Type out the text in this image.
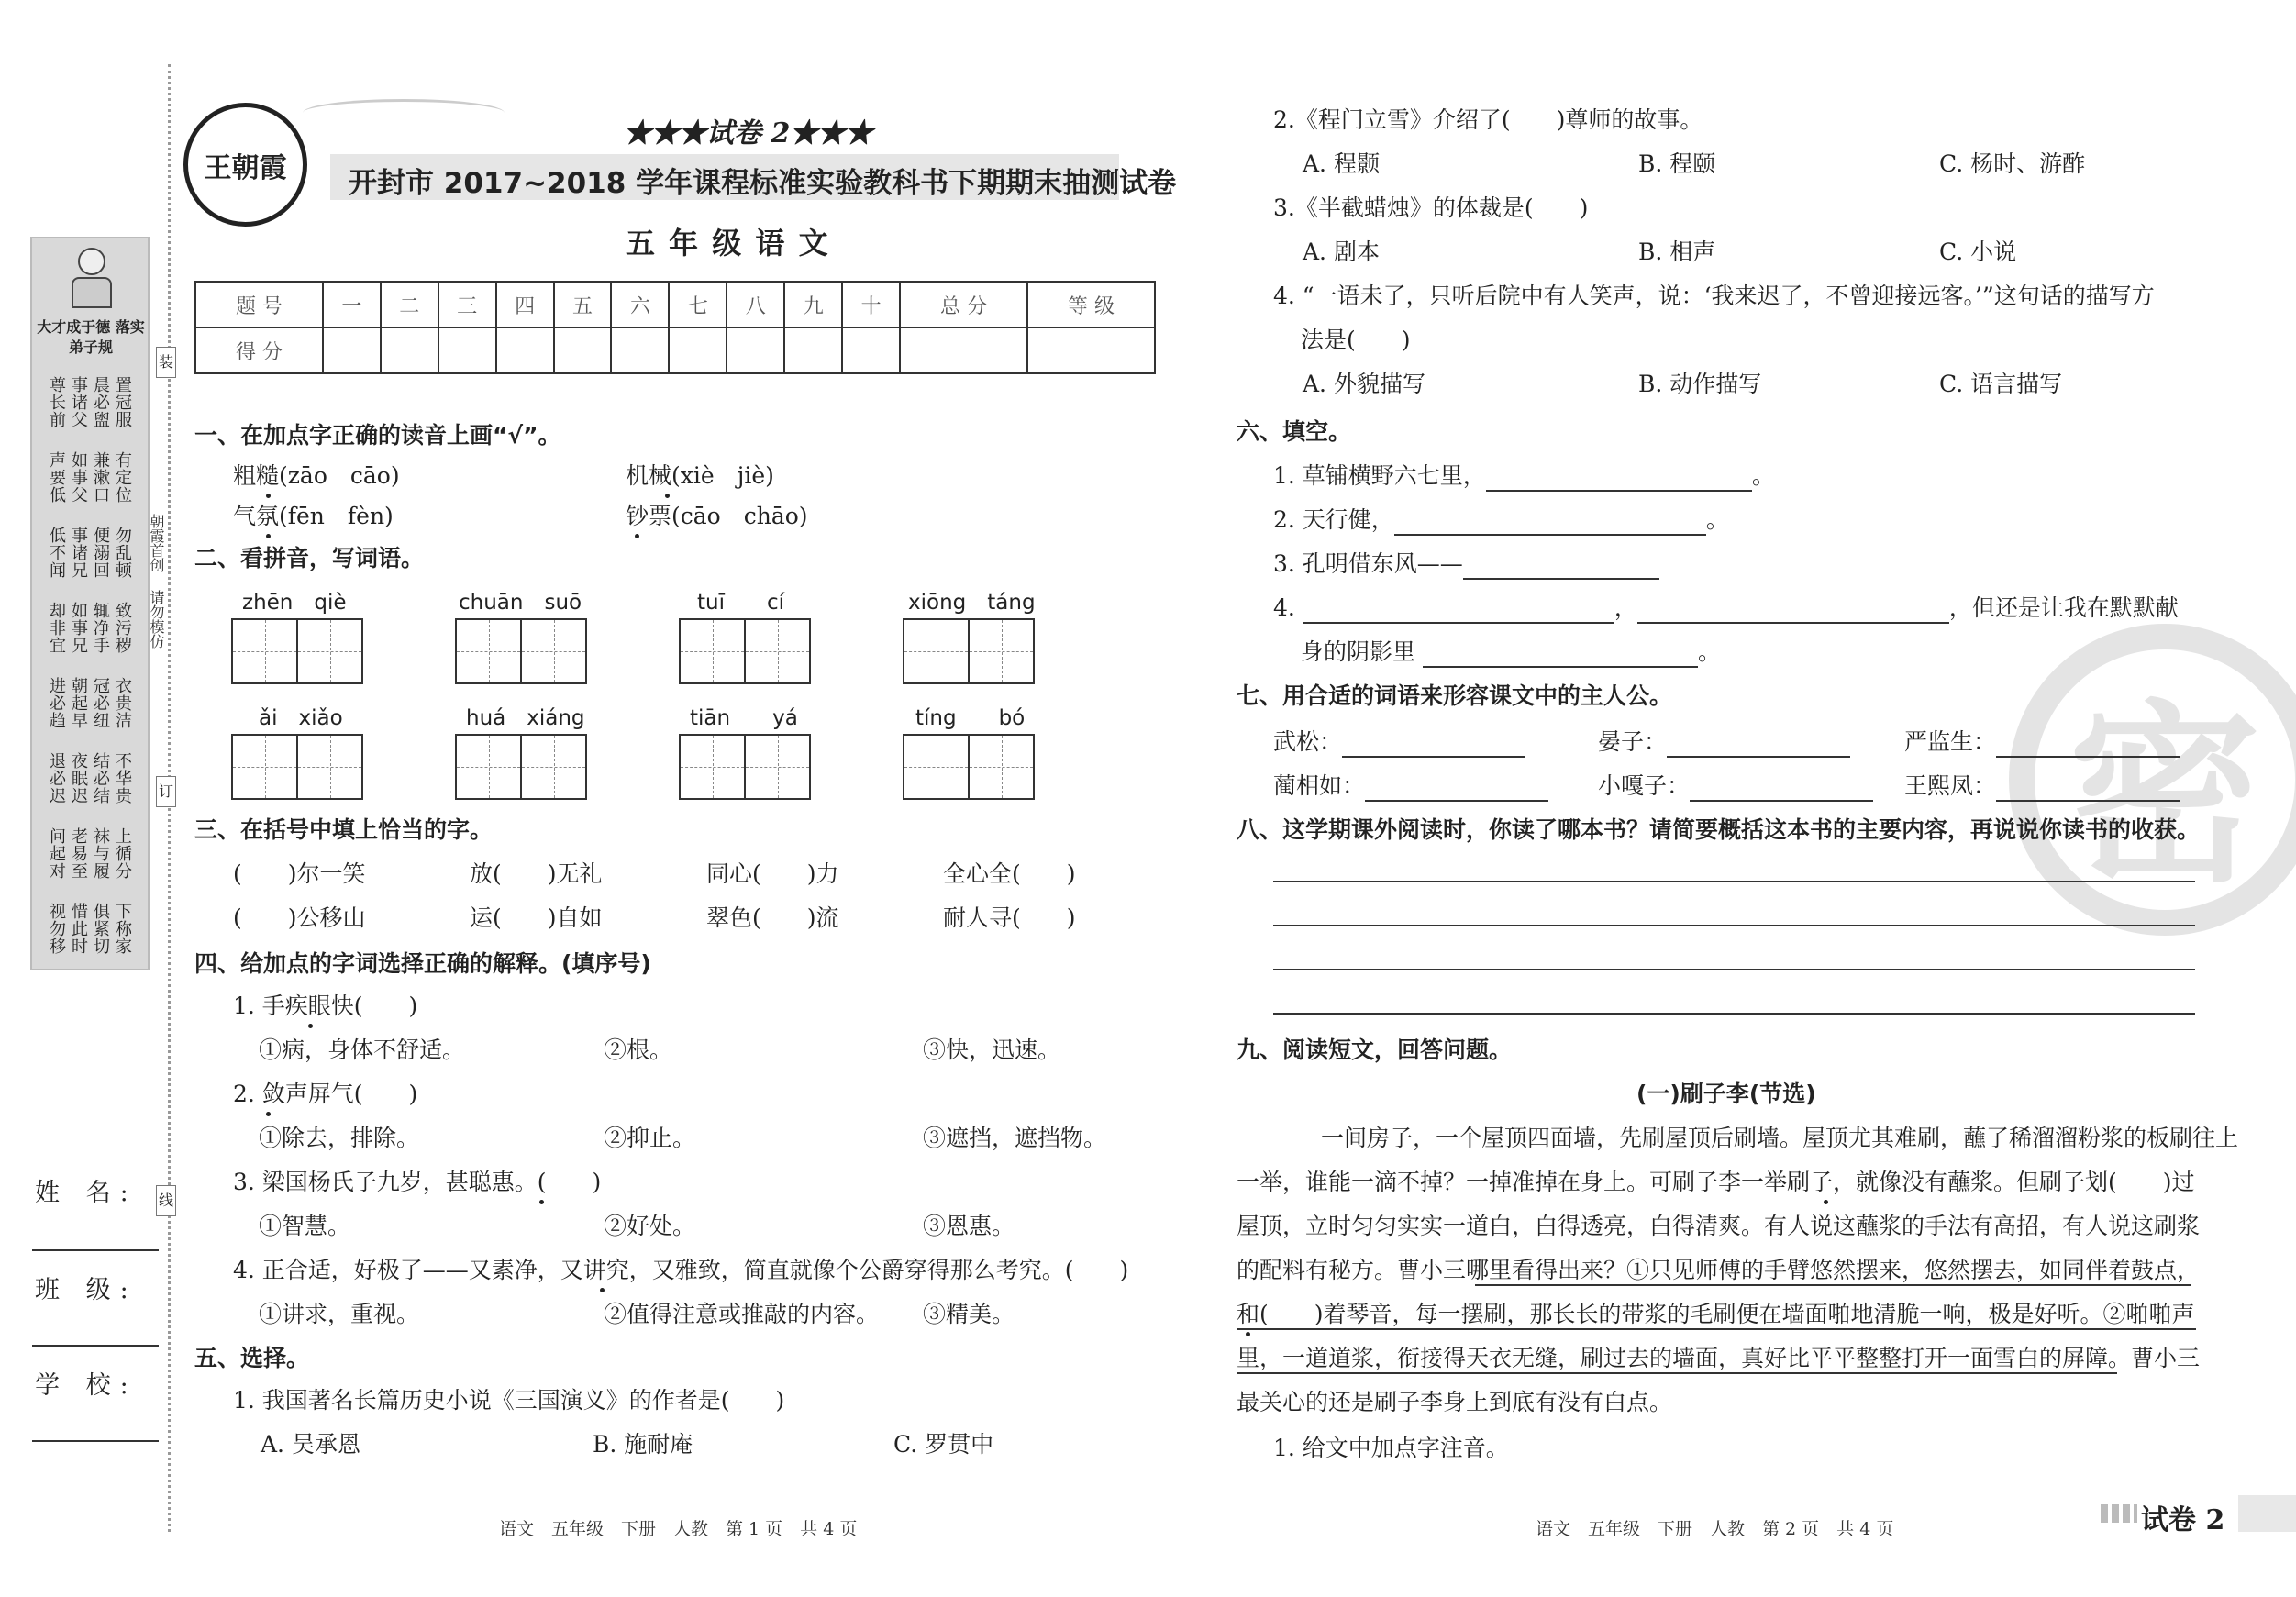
大才成于德 落实弟子规
置冠服
晨必盥
事诸父
尊长前
有定位
兼漱口
如事父
声要低
勿乱顿
便溺回
事诸兄
低不闻
致污秽
辄净手
如事兄
却非宜
衣贵洁
冠必纽
朝起早
进必趋
不华贵
结必结
夜眠迟
退必迟
上循分
袜与履
老易至
问起对
下称家
俱紧切
惜此时
视勿移
装
朝霞首创 请勿模仿
订
线
姓 名:
班 级:
学 校:
王朝霞
★★★试卷 2★★★
开封市 2017~2018 学年课程标准实验教科书下期期末抽测试卷
五 年 级 语 文
题 号	一	二	三	四	五	六	七	八	九	十	总 分	等 级
得 分												
一、在加点字正确的读音上画“√”。
粗糙(zāo　cāo)	机械(xiè　jiè)
气氛(fēn　fèn)	钞票(cāo　chāo)
二、看拼音，写词语。
zhēn　qiè	chuān　suō	tuī　　cí	xiōng　táng
ǎi　xiǎo	huá　xiáng	tiān　　yá	tíng　　bó
三、在括号中填上恰当的字。
(　　)尔一笑	放(　　)无礼	同心(　　)力	全心全(　　)
(　　)公移山	运(　　)自如	翠色(　　)流	耐人寻(　　)
四、给加点的字词选择正确的解释。(填序号)
1. 手疾眼快(　　)
①病，身体不舒适。	②根。	③快，迅速。
2. 敛声屏气(　　)
①除去，排除。	②抑止。	③遮挡，遮挡物。
3. 梁国杨氏子九岁，甚聪惠。(　　)
①智慧。	②好处。	③恩惠。
4. 正合适，好极了——又素净，又讲究，又雅致，简直就像个公爵穿得那么考究。(　　)
①讲求，重视。	②值得注意或推敲的内容。 ③精美。
五、选择。
1. 我国著名长篇历史小说《三国演义》的作者是(　　)
A. 吴承恩	B. 施耐庵	C. 罗贯中
语文　五年级　下册　人教　第 1 页　共 4 页
密
2.《程门立雪》介绍了(　　)尊师的故事。
A. 程颢	B. 程颐	C. 杨时、游酢
3.《半截蜡烛》的体裁是(　　)
A. 剧本	B. 相声	C. 小说
4. “一语未了，只听后院中有人笑声，说：‘我来迟了，不曾迎接远客。’”这句话的描写方
法是(　　)
A. 外貌描写	B. 动作描写	C. 语言描写
六、填空。
1. 草铺横野六七里，	。
2. 天行健，	。
3. 孔明借东风——
4.	，	，但还是让我在默默献
身的阴影里	。
七、用合适的词语来形容课文中的主人公。
武松：	晏子：	严监生：
蔺相如：	小嘎子：	王熙凤：
八、这学期课外阅读时，你读了哪本书？请简要概括这本书的主要内容，再说说你读书的收获。
九、阅读短文，回答问题。
(一)刷子李(节选)
一间房子，一个屋顶四面墙，先刷屋顶后刷墙。屋顶尤其难刷，蘸了稀溜溜粉浆的板刷往上
一举，谁能一滴不掉？一掉准掉在身上。可刷子李一举刷子，就像没有蘸浆。但刷子划(　　)过
屋顶，立时匀匀实实一道白，白得透亮，白得清爽。有人说这蘸浆的手法有高招，有人说这刷浆
的配料有秘方。曹小三哪里看得出来？①只见师傅的手臂悠然摆来，悠然摆去，如同伴着鼓点，
和(　　)着琴音，每一摆刷，那长长的带浆的毛刷便在墙面啪地清脆一响，极是好听。②啪啪声
里，一道道浆，衔接得天衣无缝，刷过去的墙面，真好比平平整整打开一面雪白的屏障。曹小三
最关心的还是刷子李身上到底有没有白点。
1. 给文中加点字注音。
语文　五年级　下册　人教　第 2 页　共 4 页	试卷 2
